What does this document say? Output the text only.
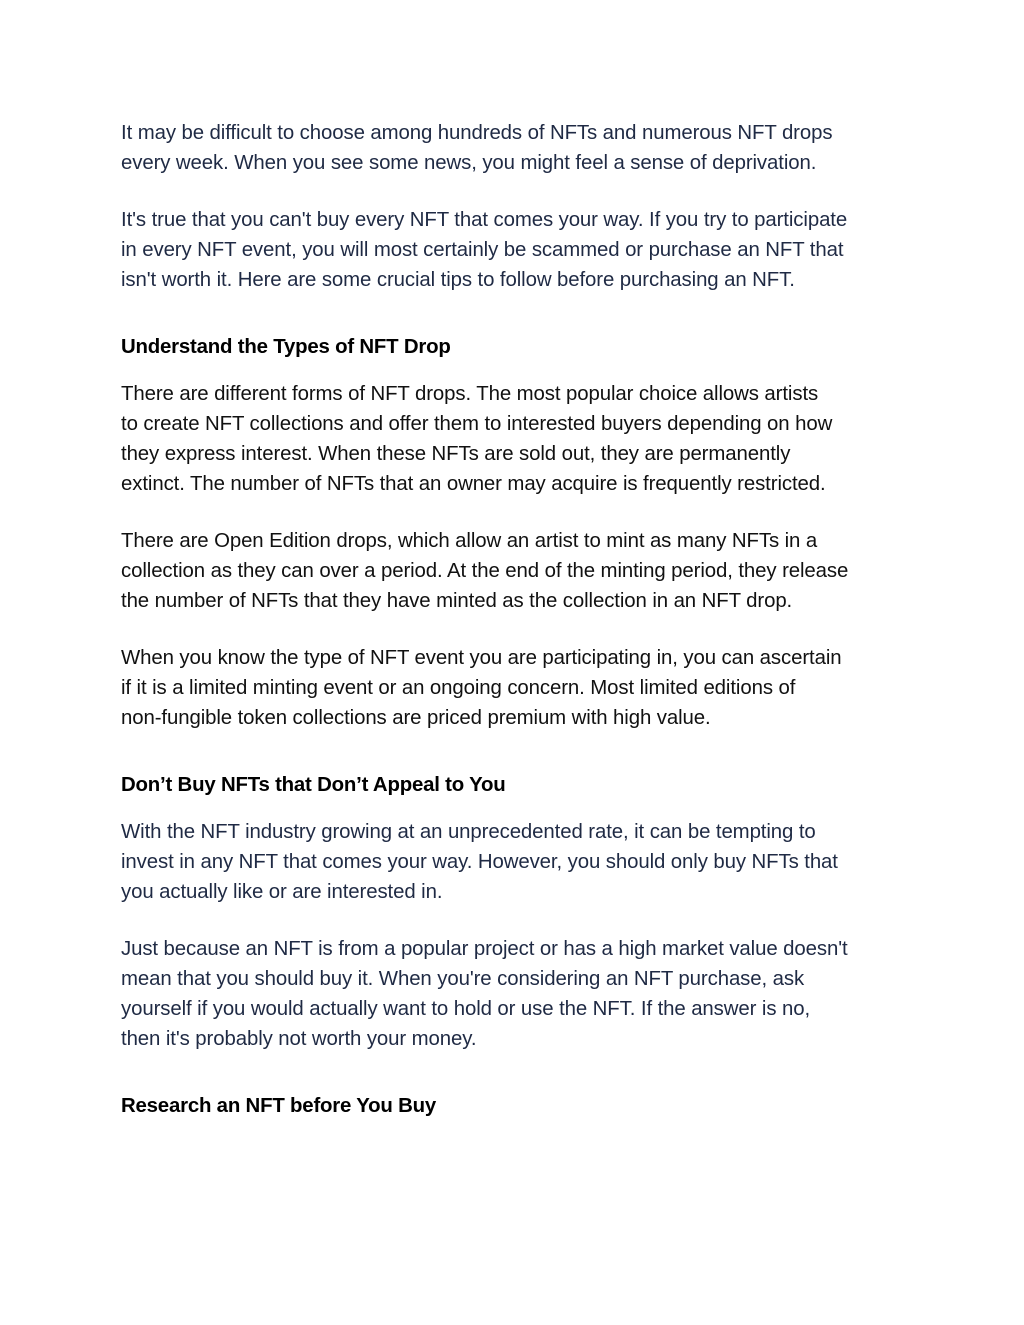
It may be difficult to choose among hundreds of NFTs and numerous NFT drops
every week. When you see some news, you might feel a sense of deprivation.

It's true that you can't buy every NFT that comes your way. If you try to participate
in every NFT event, you will most certainly be scammed or purchase an NFT that
isn't worth it. Here are some crucial tips to follow before purchasing an NFT.

Understand the Types of NFT Drop

There are different forms of NFT drops. The most popular choice allows artists
to create NFT collections and offer them to interested buyers depending on how
they express interest. When these NFTs are sold out, they are permanently
extinct. The number of NFTs that an owner may acquire is frequently restricted.

There are Open Edition drops, which allow an artist to mint as many NFTs in a
collection as they can over a period. At the end of the minting period, they release
the number of NFTs that they have minted as the collection in an NFT drop.

When you know the type of NFT event you are participating in, you can ascertain
if it is a limited minting event or an ongoing concern. Most limited editions of
non-fungible token collections are priced premium with high value.

Don’t Buy NFTs that Don’t Appeal to You

With the NFT industry growing at an unprecedented rate, it can be tempting to
invest in any NFT that comes your way. However, you should only buy NFTs that
you actually like or are interested in.

Just because an NFT is from a popular project or has a high market value doesn't
mean that you should buy it. When you're considering an NFT purchase, ask
yourself if you would actually want to hold or use the NFT. If the answer is no,
then it's probably not worth your money.

Research an NFT before You Buy
